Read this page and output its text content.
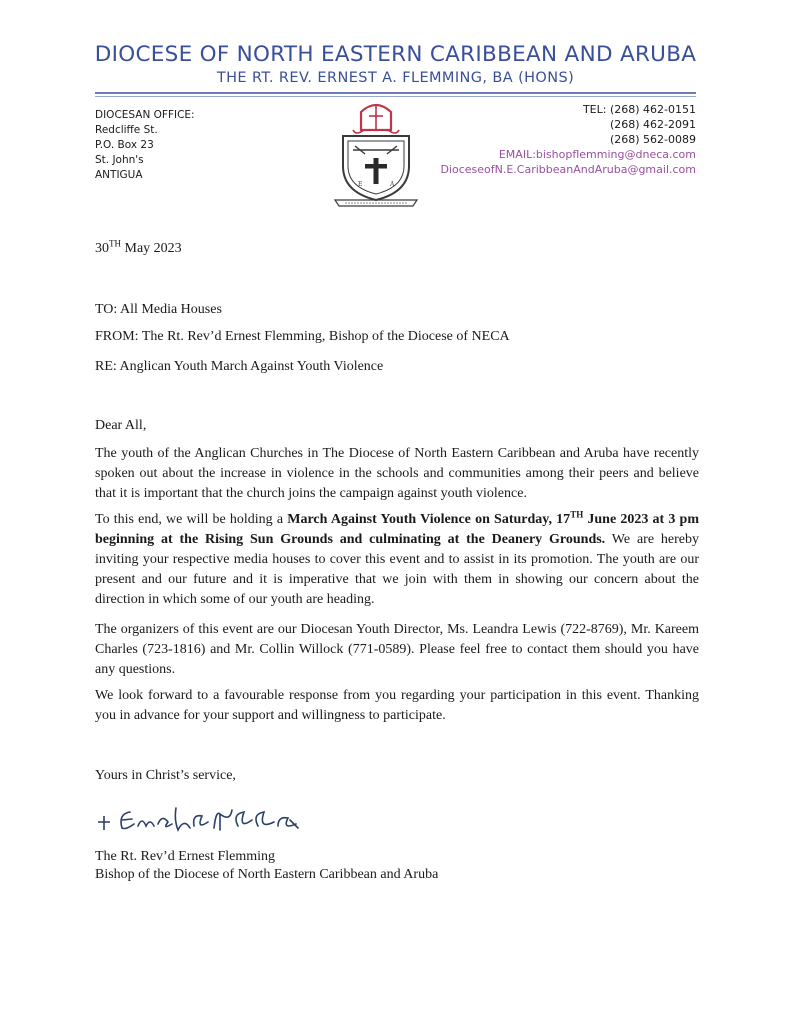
DIOCESE OF NORTH EASTERN CARIBBEAN AND ARUBA
THE RT. REV. ERNEST A. FLEMMING, BA (HONS)
DIOCESAN OFFICE:
Redcliffe St.
P.O. Box 23
St. John's
ANTIGUA
E	A
TEL: (268) 462-0151
(268) 462-2091
(268) 562-0089
EMAIL:bishopflemming@dneca.com
DioceseofN.E.CaribbeanAndAruba@gmail.com
30TH May 2023
TO: All Media Houses
FROM: The Rt. Rev’d Ernest Flemming, Bishop of the Diocese of NECA
RE: Anglican Youth March Against Youth Violence
Dear All,
The youth of the Anglican Churches in The Diocese of North Eastern Caribbean and Aruba have recently spoken out about the increase in violence in the schools and communities among their peers and believe that it is important that the church joins the campaign against youth violence.
To this end, we will be holding a March Against Youth Violence on Saturday, 17TH June 2023 at 3 pm beginning at the Rising Sun Grounds and culminating at the Deanery Grounds. We are hereby inviting your respective media houses to cover this event and to assist in its promotion. The youth are our present and our future and it is imperative that we join with them in showing our concern about the direction in which some of our youth are heading.
The organizers of this event are our Diocesan Youth Director, Ms. Leandra Lewis (722-8769), Mr. Kareem Charles (723-1816) and Mr. Collin Willock (771-0589). Please feel free to contact them should you have any questions.
We look forward to a favourable response from you regarding your participation in this event. Thanking you in advance for your support and willingness to participate.
Yours in Christ’s service,
The Rt. Rev’d Ernest Flemming
Bishop of the Diocese of North Eastern Caribbean and Aruba
